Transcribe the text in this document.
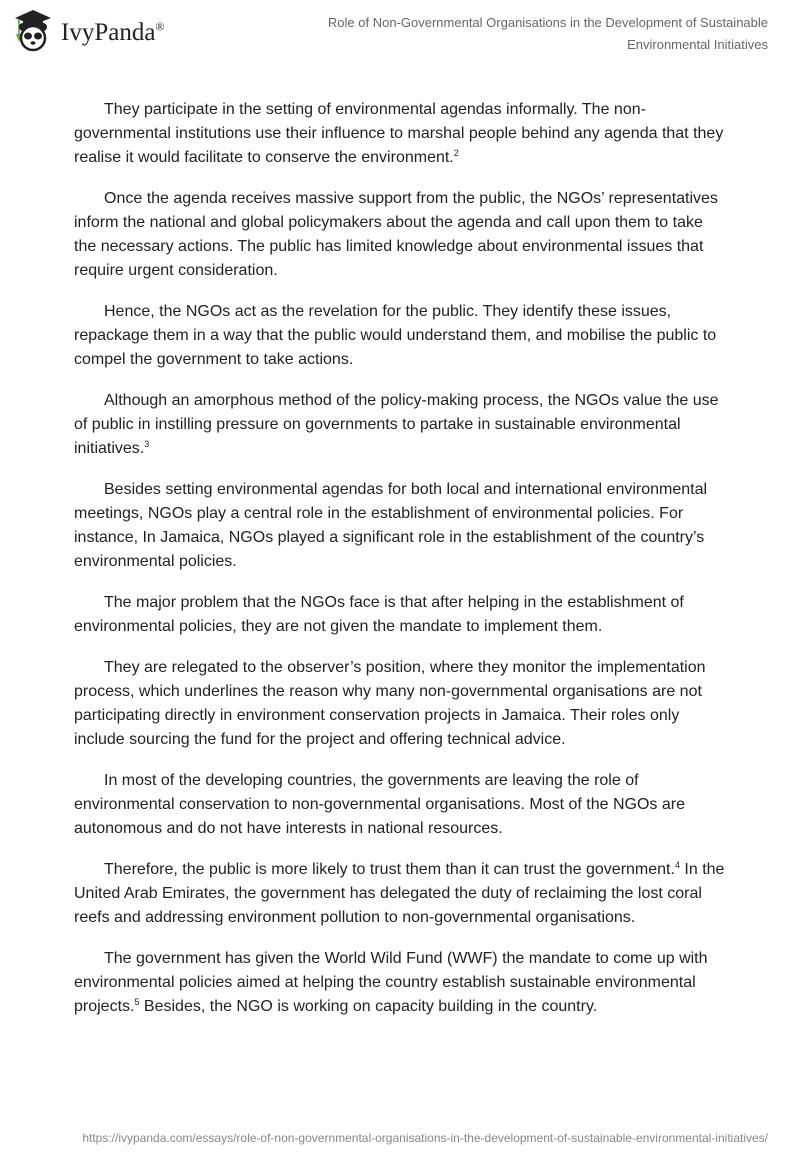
IvyPanda®	Role of Non-Governmental Organisations in the Development of Sustainable Environmental Initiatives

They participate in the setting of environmental agendas informally. The non-governmental institutions use their influence to marshal people behind any agenda that they realise it would facilitate to conserve the environment.$^2$

Once the agenda receives massive support from the public, the NGOs’ representatives inform the national and global policymakers about the agenda and call upon them to take the necessary actions. The public has limited knowledge about environmental issues that require urgent consideration.

Hence, the NGOs act as the revelation for the public. They identify these issues, repackage them in a way that the public would understand them, and mobilise the public to compel the government to take actions.

Although an amorphous method of the policy-making process, the NGOs value the use of public in instilling pressure on governments to partake in sustainable environmental initiatives.$^3$

Besides setting environmental agendas for both local and international environmental meetings, NGOs play a central role in the establishment of environmental policies. For instance, In Jamaica, NGOs played a significant role in the establishment of the country’s environmental policies.

The major problem that the NGOs face is that after helping in the establishment of environmental policies, they are not given the mandate to implement them.

They are relegated to the observer’s position, where they monitor the implementation process, which underlines the reason why many non-governmental organisations are not participating directly in environment conservation projects in Jamaica. Their roles only include sourcing the fund for the project and offering technical advice.

In most of the developing countries, the governments are leaving the role of environmental conservation to non-governmental organisations. Most of the NGOs are autonomous and do not have interests in national resources.

Therefore, the public is more likely to trust them than it can trust the government.$^4$ In the United Arab Emirates, the government has delegated the duty of reclaiming the lost coral reefs and addressing environment pollution to non-governmental organisations.

The government has given the World Wild Fund (WWF) the mandate to come up with environmental policies aimed at helping the country establish sustainable environmental projects.$^5$ Besides, the NGO is working on capacity building in the country.

https://ivypanda.com/essays/role-of-non-governmental-organisations-in-the-development-of-sustainable-environmental-initiatives/
